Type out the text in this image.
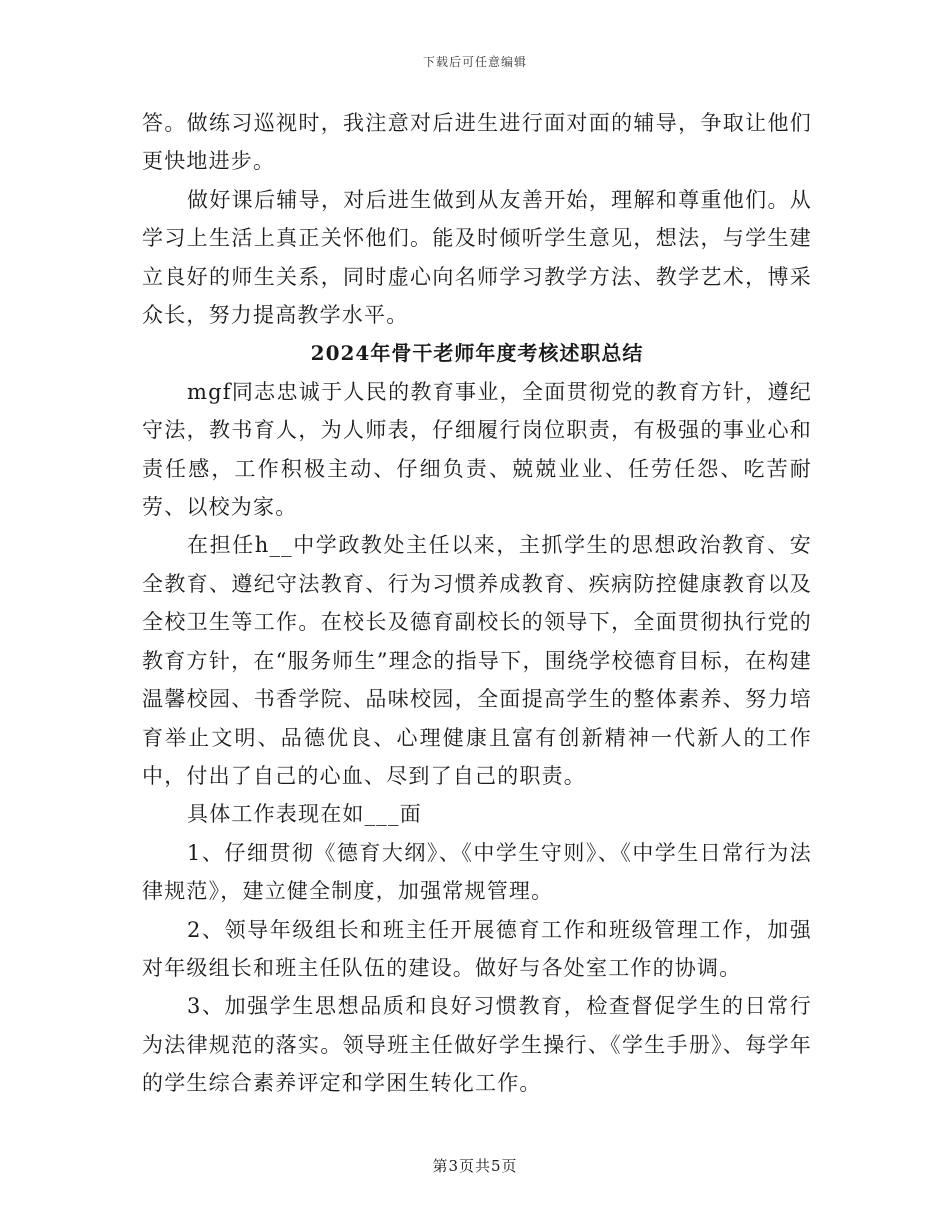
下载后可任意编辑

答。做练习巡视时，我注意对后进生进行面对面的辅导，争取让他们更快地进步。

做好课后辅导，对后进生做到从友善开始，理解和尊重他们。从学习上生活上真正关怀他们。能及时倾听学生意见，想法，与学生建立良好的师生关系，同时虚心向名师学习教学方法、教学艺术，博采众长，努力提高教学水平。

2024年骨干老师年度考核述职总结

mgf同志忠诚于人民的教育事业，全面贯彻党的教育方针，遵纪守法，教书育人，为人师表，仔细履行岗位职责，有极强的事业心和责任感，工作积极主动、仔细负责、兢兢业业、任劳任怨、吃苦耐劳、以校为家。

在担任h__中学政教处主任以来，主抓学生的思想政治教育、安全教育、遵纪守法教育、行为习惯养成教育、疾病防控健康教育以及全校卫生等工作。在校长及德育副校长的领导下，全面贯彻执行党的教育方针，在“服务师生”理念的指导下，围绕学校德育目标，在构建温馨校园、书香学院、品味校园，全面提高学生的整体素养、努力培育举止文明、品德优良、心理健康且富有创新精神一代新人的工作中，付出了自己的心血、尽到了自己的职责。

具体工作表现在如___面

1、仔细贯彻《德育大纲》、《中学生守则》、《中学生日常行为法律规范》，建立健全制度，加强常规管理。

2、领导年级组长和班主任开展德育工作和班级管理工作，加强对年级组长和班主任队伍的建设。做好与各处室工作的协调。

3、加强学生思想品质和良好习惯教育，检查督促学生的日常行为法律规范的落实。领导班主任做好学生操行、《学生手册》、每学年的学生综合素养评定和学困生转化工作。

第3页共5页
